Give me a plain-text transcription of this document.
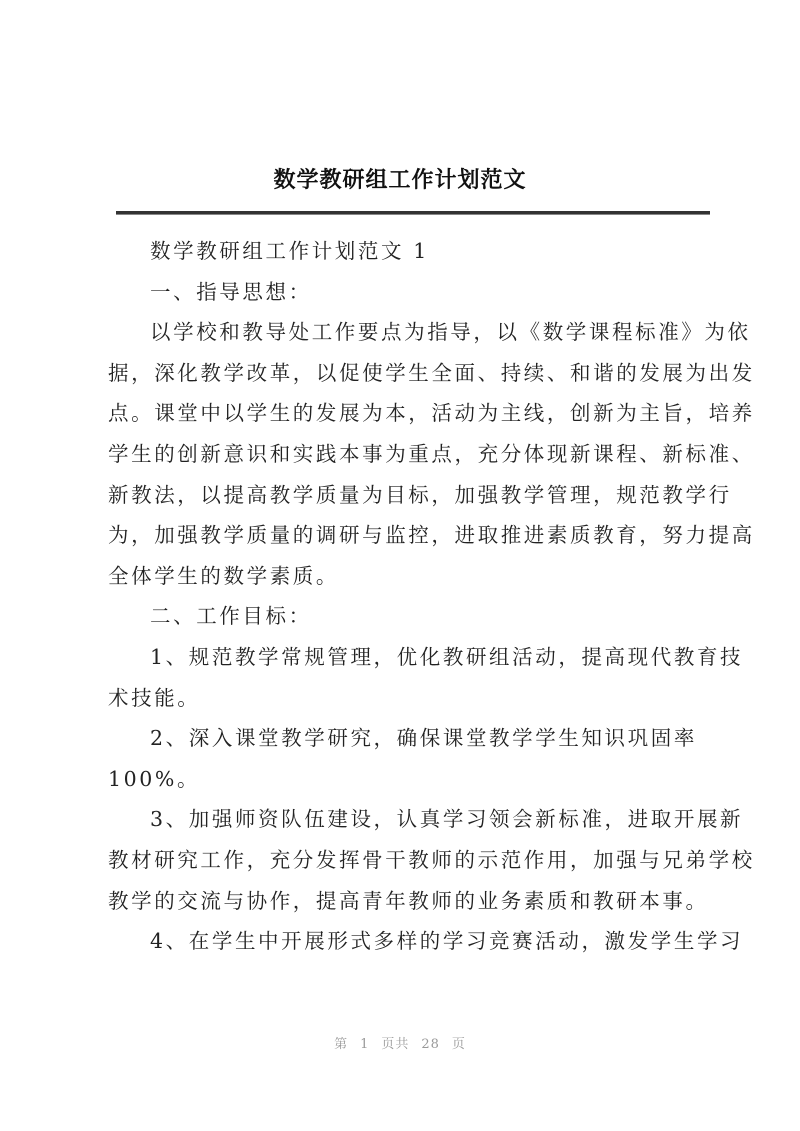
数学教研组工作计划范文
数学教研组工作计划范文 1
一、指导思想：
以学校和教导处工作要点为指导，以《数学课程标准》为依
据，深化教学改革，以促使学生全面、持续、和谐的发展为出发
点。课堂中以学生的发展为本，活动为主线，创新为主旨，培养
学生的创新意识和实践本事为重点，充分体现新课程、新标准、
新教法，以提高教学质量为目标，加强教学管理，规范教学行
为，加强教学质量的调研与监控，进取推进素质教育，努力提高
全体学生的数学素质。
二、工作目标：
1、规范教学常规管理，优化教研组活动，提高现代教育技
术技能。
2、深入课堂教学研究，确保课堂教学学生知识巩固率
100%。
3、加强师资队伍建设，认真学习领会新标准，进取开展新
教材研究工作，充分发挥骨干教师的示范作用，加强与兄弟学校
教学的交流与协作，提高青年教师的业务素质和教研本事。
4、在学生中开展形式多样的学习竞赛活动，激发学生学习
第 1 页共 28 页
